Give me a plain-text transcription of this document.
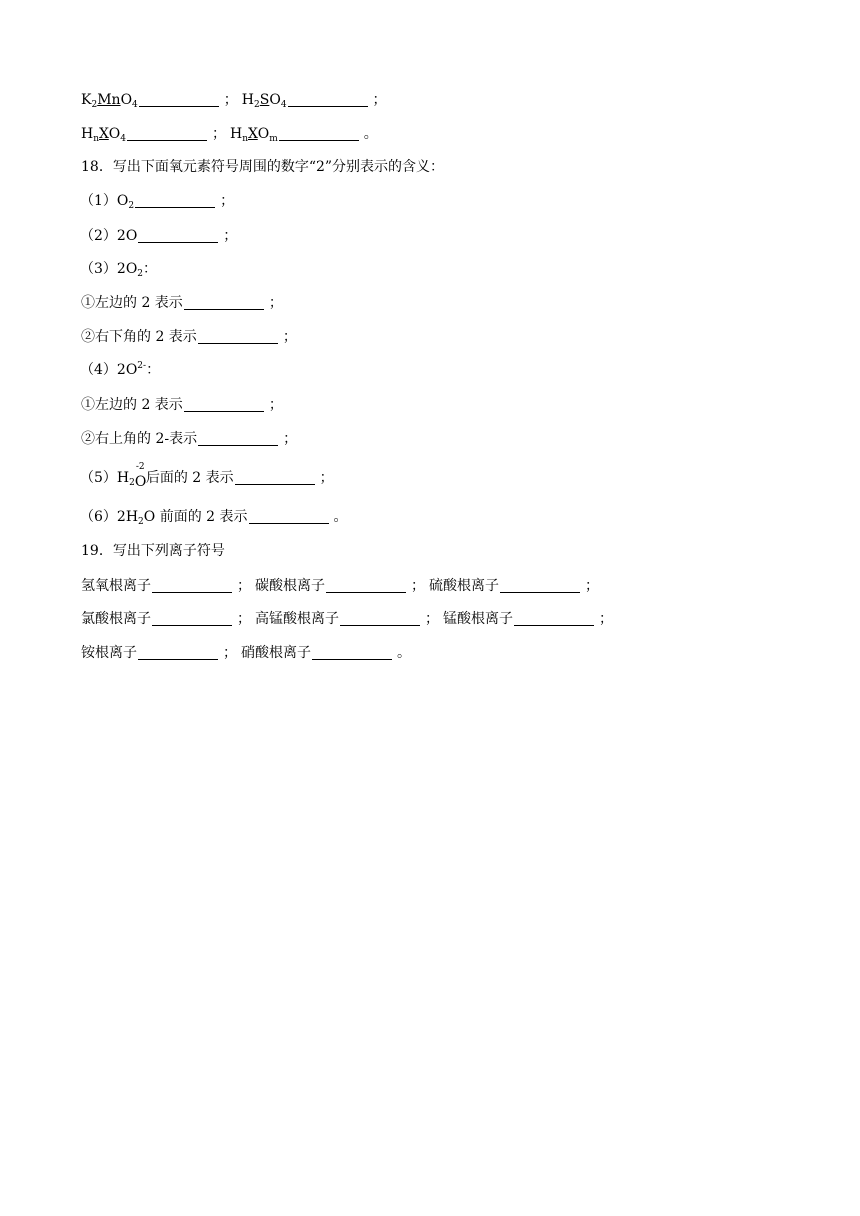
$K_2MnO_4$	； $H_2SO_4$	；
$H_nXO_4$	； $H_nXO_m$	。
18．写出下面氧元素符号周围的数字“2”分别表示的含义：
$(1)O_2$	；
（2）2O	；
$(3)2O_2$：
①左边的 2 表示	；
②右下角的 2 表示	；
$(4)2O^{2-}$：
①左边的 2 表示	；
②右上角的 2-表示	；
$(5)H_2$
-2
O 后面的 2 表示	；
$(6)2H_2O$ 前面的 2 表示	。
19．写出下列离子符号
氢氧根离子	； 碳酸根离子	； 硫酸根离子	；
氯酸根离子	； 高锰酸根离子	； 锰酸根离子	；
铵根离子	； 硝酸根离子	。
